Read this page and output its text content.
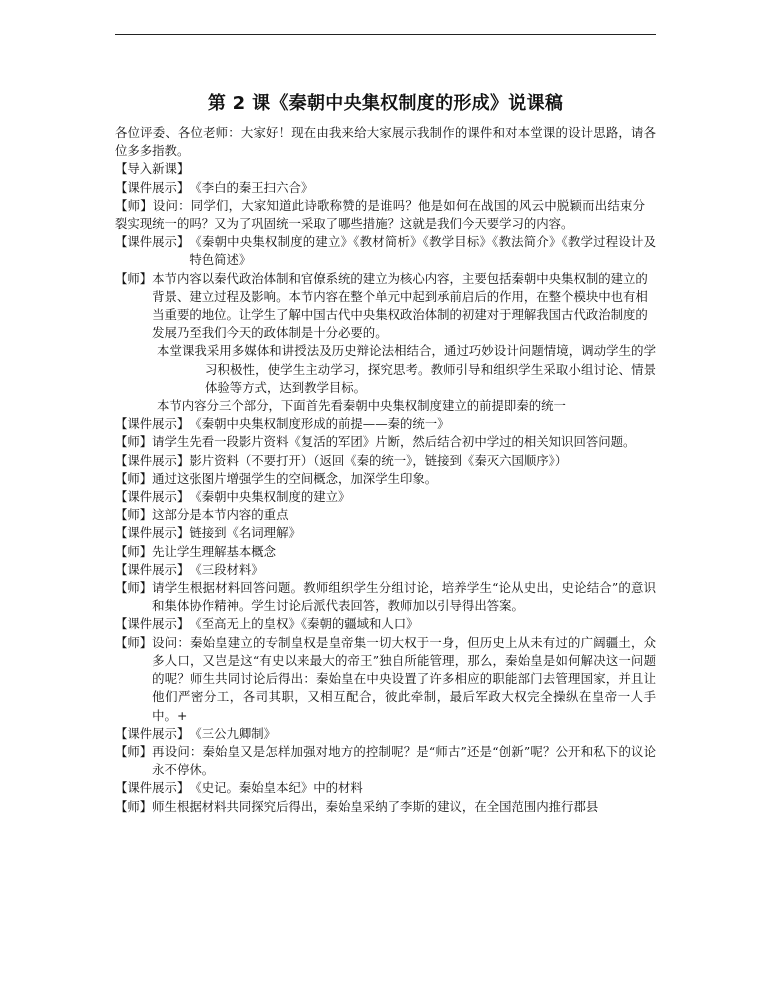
第 2 课《秦朝中央集权制度的形成》说课稿

各位评委、各位老师：大家好！现在由我来给大家展示我制作的课件和对本堂课的设计思路，请各位多多指教。

【导入新课】
【课件展示】 《李白的秦王扫六合》

【师】设问：同学们，大家知道此诗歌称赞的是谁吗？他是如何在战国的风云中脱颖而出结束分裂实现统一的吗？又为了巩固统一采取了哪些措施？这就是我们今天要学习的内容。

【课件展示】 《秦朝中央集权制度的建立》《教材简析》《教学目标》《教法简介》《教学过程设计及特色简述》
【师】 本节内容以秦代政治体制和官僚系统的建立为核心内容，主要包括秦朝中央集权制的建立的背景、建立过程及影响。本节内容在整个单元中起到承前启后的作用，在整个模块中也有相当重要的地位。让学生了解中国古代中央集权政治体制的初建对于理解我国古代政治制度的发展乃至我们今天的政体制是十分必要的。

本堂课我采用多媒体和讲授法及历史辩论法相结合，通过巧妙设计问题情境，调动学生的学习积极性，使学生主动学习，探究思考。教师引导和组织学生采取小组讨论、情景体验等方式，达到教学目标。

本节内容分三个部分，下面首先看秦朝中央集权制度建立的前提即秦的统一

【课件展示】 《秦朝中央集权制度形成的前提——秦的统一》
【师】 请学生先看一段影片资料《复活的军团》片断，然后结合初中学过的相关知识回答问题。
【课件展示】 影片资料（不要打开）（返回《秦的统一》，链接到《秦灭六国顺序》）
【师】 通过这张图片增强学生的空间概念，加深学生印象。
【课件展示】 《秦朝中央集权制度的建立》
【师】 这部分是本节内容的重点
【课件展示】 链接到《名词理解》
【师】 先让学生理解基本概念
【课件展示】 《三段材料》
【师】 请学生根据材料回答问题。教师组织学生分组讨论，培养学生“论从史出，史论结合”的意识和集体协作精神。学生讨论后派代表回答，教师加以引导得出答案。
【课件展示】 《至高无上的皇权》《秦朝的疆域和人口》
【师】 设问：秦始皇建立的专制皇权是皇帝集一切大权于一身，但历史上从未有过的广阔疆土，众多人口，又岂是这“有史以来最大的帝王”独自所能管理，那么，秦始皇是如何解决这一问题的呢？师生共同讨论后得出：秦始皇在中央设置了许多相应的职能部门去管理国家，并且让他们严密分工，各司其职，又相互配合，彼此牵制，最后军政大权完全操纵在皇帝一人手中。+
【课件展示】 《三公九卿制》
【师】 再设问：秦始皇又是怎样加强对地方的控制呢？是“师古”还是“创新”呢？公开和私下的议论永不停休。
【课件展示】 《史记。秦始皇本纪》中的材料
【师】 师生根据材料共同探究后得出，秦始皇采纳了李斯的建议，在全国范围内推行郡县
